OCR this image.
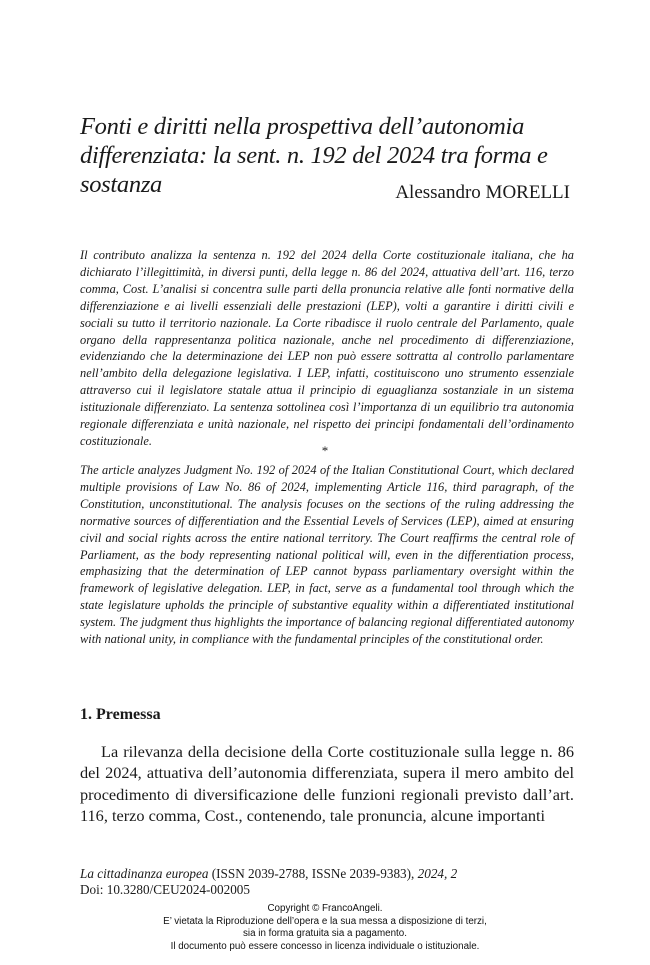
Fonti e diritti nella prospettiva dell’autonomia differenziata: la sent. n. 192 del 2024 tra forma e sostanza	Alessandro MORELLI

Il contributo analizza la sentenza n. 192 del 2024 della Corte costituzionale italiana, che ha dichiarato l’illegittimità, in diversi punti, della legge n. 86 del 2024, attuativa dell’art. 116, terzo comma, Cost. L’analisi si concentra sulle parti della pronuncia relative alle fonti normative della differenziazione e ai livelli essenziali delle prestazioni (LEP), volti a garantire i diritti civili e sociali su tutto il territorio nazionale. La Corte ribadisce il ruolo centrale del Parlamento, quale organo della rappresentanza politica nazionale, anche nel procedimento di differenziazione, evidenziando che la determinazione dei LEP non può essere sottratta al controllo parlamentare nell’ambito della delegazione legislativa. I LEP, infatti, costituiscono uno strumento essenziale attraverso cui il legislatore statale attua il principio di eguaglianza sostanziale in un sistema istituzionale differenziato. La sentenza sottolinea così l’importanza di un equilibrio tra autonomia regionale differenziata e unità nazionale, nel rispetto dei principi fondamentali dell’ordinamento costituzionale.

*

The article analyzes Judgment No. 192 of 2024 of the Italian Constitutional Court, which declared multiple provisions of Law No. 86 of 2024, implementing Article 116, third paragraph, of the Constitution, unconstitutional. The analysis focuses on the sections of the ruling addressing the normative sources of differentiation and the Essential Levels of Services (LEP), aimed at ensuring civil and social rights across the entire national territory. The Court reaffirms the central role of Parliament, as the body representing national political will, even in the differentiation process, emphasizing that the determination of LEP cannot bypass parliamentary oversight within the framework of legislative delegation. LEP, in fact, serve as a fundamental tool through which the state legislature upholds the principle of substantive equality within a differentiated institutional system. The judgment thus highlights the importance of balancing regional differentiated autonomy with national unity, in compliance with the fundamental principles of the constitutional order.

1. Premessa

La rilevanza della decisione della Corte costituzionale sulla legge n. 86 del 2024, attuativa dell’autonomia differenziata, supera il mero ambito del procedimento di diversificazione delle funzioni regionali previsto dall’art. 116, terzo comma, Cost., contenendo, tale pronuncia, alcune importanti

La cittadinanza europea (ISSN 2039-2788, ISSNe 2039-9383), 2024, 2

Doi: 10.3280/CEU2024-002005

Copyright © FrancoAngeli.
E’ vietata la Riproduzione dell’opera e la sua messa a disposizione di terzi,
sia in forma gratuita sia a pagamento.
Il documento può essere concesso in licenza individuale o istituzionale.
